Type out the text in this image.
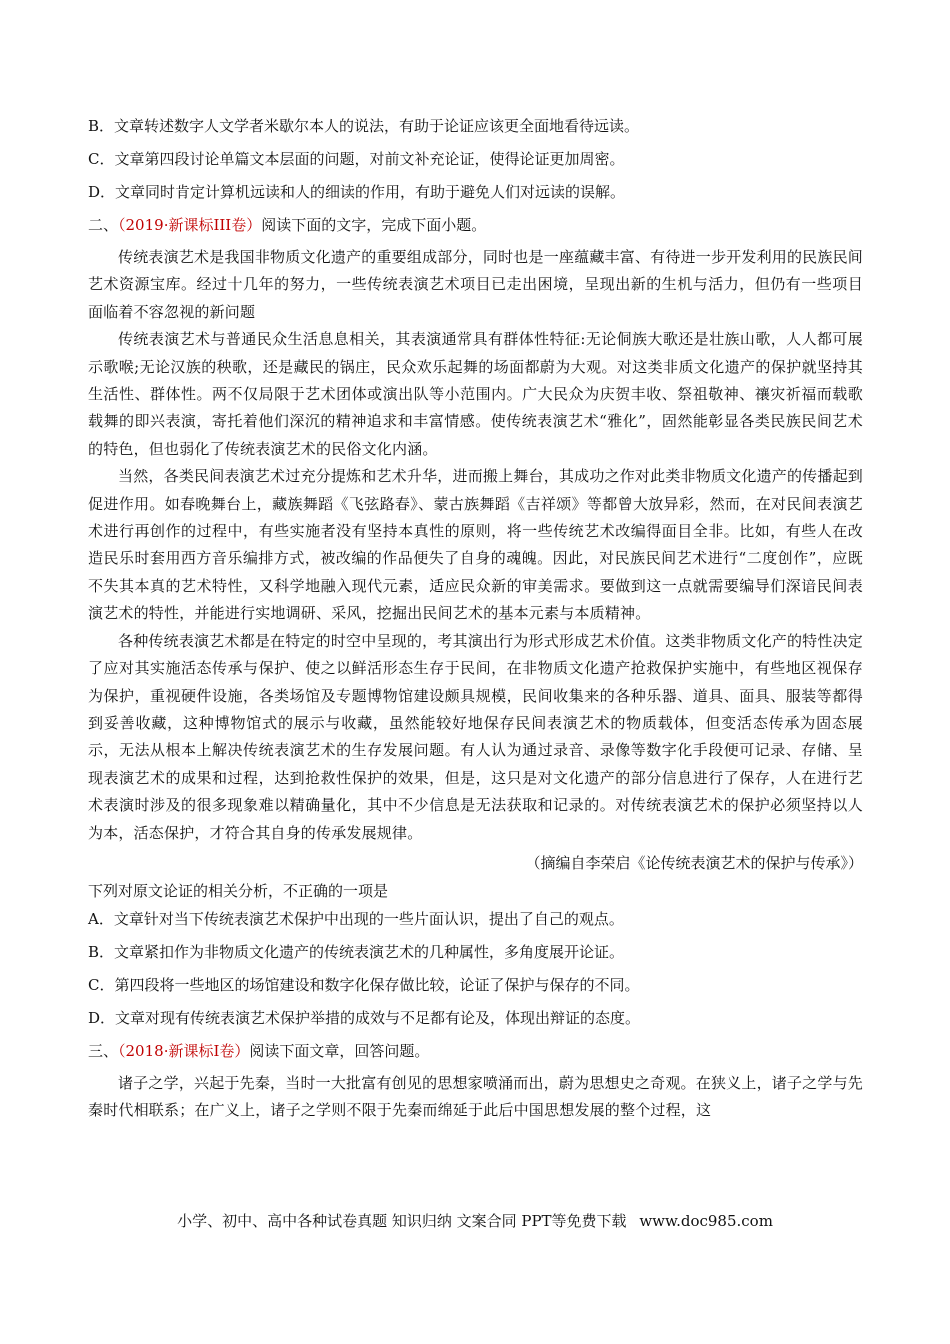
B．文章转述数字人文学者米歇尔本人的说法，有助于论证应该更全面地看待远读。

C．文章第四段讨论单篇文本层面的问题，对前文补充论证，使得论证更加周密。

D．文章同时肯定计算机远读和人的细读的作用，有助于避免人们对远读的误解。

二、（2019·新课标III卷）阅读下面的文字，完成下面小题。

传统表演艺术是我国非物质文化遗产的重要组成部分，同时也是一座蕴藏丰富、有待进一步开发利用的民族民间艺术资源宝库。经过十几年的努力，一些传统表演艺术项目已走出困境，呈现出新的生机与活力，但仍有一些项目面临着不容忽视的新问题

传统表演艺术与普通民众生活息息相关，其表演通常具有群体性特征:无论侗族大歌还是壮族山歌，人人都可展示歌喉;无论汉族的秧歌，还是藏民的锅庄，民众欢乐起舞的场面都蔚为大观。对这类非质文化遗产的保护就坚持其生活性、群体性。两不仅局限于艺术团体或演出队等小范围内。广大民众为庆贺丰收、祭祖敬神、禳灾祈福而载歌载舞的即兴表演，寄托着他们深沉的精神追求和丰富情感。使传统表演艺术“雅化”，固然能彰显各类民族民间艺术的特色，但也弱化了传统表演艺术的民俗文化内涵。

当然，各类民间表演艺术过充分提炼和艺术升华，进而搬上舞台，其成功之作对此类非物质文化遗产的传播起到促进作用。如春晚舞台上，藏族舞蹈《飞弦路春》、蒙古族舞蹈《吉祥颂》等都曾大放异彩，然而，在对民间表演艺术进行再创作的过程中，有些实施者没有坚持本真性的原则，将一些传统艺术改编得面目全非。比如，有些人在改造民乐时套用西方音乐编排方式，被改编的作品便失了自身的魂魄。因此，对民族民间艺术进行“二度创作”，应既不失其本真的艺术特性，又科学地融入现代元素，适应民众新的审美需求。要做到这一点就需要编导们深谙民间表演艺术的特性，并能进行实地调研、采风，挖掘出民间艺术的基本元素与本质精神。

各种传统表演艺术都是在特定的时空中呈现的，考其演出行为形式形成艺术价值。这类非物质文化产的特性决定了应对其实施活态传承与保护、使之以鲜活形态生存于民间，在非物质文化遗产抢救保护实施中，有些地区视保存为保护，重视硬件设施，各类场馆及专题博物馆建设颇具规模，民间收集来的各种乐器、道具、面具、服装等都得到妥善收藏，这种博物馆式的展示与收藏，虽然能较好地保存民间表演艺术的物质载体，但变活态传承为固态展示，无法从根本上解决传统表演艺术的生存发展问题。有人认为通过录音、录像等数字化手段便可记录、存储、呈现表演艺术的成果和过程，达到抢救性保护的效果，但是，这只是对文化遗产的部分信息进行了保存，人在进行艺术表演时涉及的很多现象难以精确量化，其中不少信息是无法获取和记录的。对传统表演艺术的保护必须坚持以人为本，活态保护，才符合其自身的传承发展规律。

（摘编自李荣启《论传统表演艺术的保护与传承》）

下列对原文论证的相关分析，不正确的一项是

A．文章针对当下传统表演艺术保护中出现的一些片面认识，提出了自己的观点。

B．文章紧扣作为非物质文化遗产的传统表演艺术的几种属性，多角度展开论证。

C．第四段将一些地区的场馆建设和数字化保存做比较，论证了保护与保存的不同。

D．文章对现有传统表演艺术保护举措的成效与不足都有论及，体现出辩证的态度。

三、（2018·新课标I卷）阅读下面文章，回答问题。

诸子之学，兴起于先秦，当时一大批富有创见的思想家喷涌而出，蔚为思想史之奇观。在狭义上，诸子之学与先秦时代相联系；在广义上，诸子之学则不限于先秦而绵延于此后中国思想发展的整个过程，这

小学、初中、高中各种试卷真题 知识归纳 文案合同 PPT等免费下载 www.doc985.com
